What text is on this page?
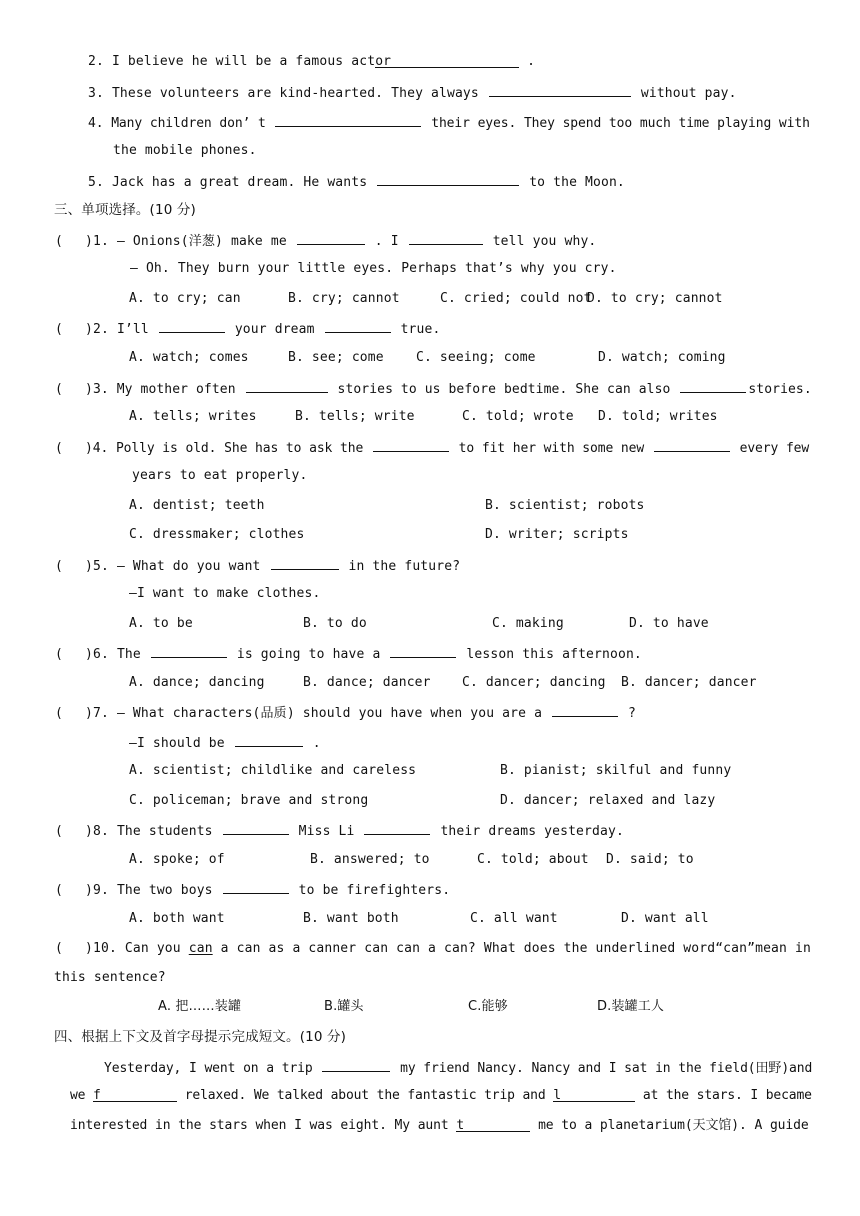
2. I believe he will be a famous actor	.
3. These volunteers are kind-hearted. They always	without pay.
4. Many children don’ t	their eyes. They spend too much time playing with
the mobile phones.
5. Jack has a great dream. He wants	to the Moon.
三、单项选择。(10 分)
( )1. — Onions(洋葱) make me	. I	tell you why.
— Oh. They burn your little eyes. Perhaps that’s why you cry.
A. to cry; can	B. cry; cannot	C. cried; could not
D. to cry; cannot
( )2. I’ll	your dream	true.
A. watch; comes	B. see; come C. seeing; come	D. watch; coming
( )3. My mother often	stories to us before bedtime. She can also	stories.
A. tells; writes	B. tells; write	C. told; wrote D. told; writes
( )4. Polly is old. She has to ask the	to fit her with some new	every few
years to eat properly.
A. dentist; teeth	B. scientist; robots
C. dressmaker; clothes	D. writer; scripts
( )5. — What do you want	in the future?
—I want to make clothes.
A. to be	B. to do	C. making	D. to have
( )6. The	is going to have a	lesson this afternoon.
A. dance; dancing	B. dance; dancer C. dancer; dancing B. dancer; dancer
( )7. — What characters(品质) should you have when you are a	?
—I should be	.
A. scientist; childlike and careless	B. pianist; skilful and funny
C. policeman; brave and strong	D. dancer; relaxed and lazy
( )8. The students	Miss Li	their dreams yesterday.
A. spoke; of	B. answered; to	C. told; about D. said; to
( )9. The two boys	to be firefighters.
A. both want	B. want both	C. all want	D. want all
( )10. Can you can a can as a canner can can a can? What does the underlined word“can”mean in
this sentence?
A. 把……装罐	B.罐头	C.能够	D.装罐工人
四、根据上下文及首字母提示完成短文。(10 分)
Yesterday, I went on a trip	my friend Nancy. Nancy and I sat in the field(田野)and
we f	relaxed. We talked about the fantastic trip and l	at the stars. I became
interested in the stars when I was eight. My aunt t	me to a planetarium(天文馆). A guide
